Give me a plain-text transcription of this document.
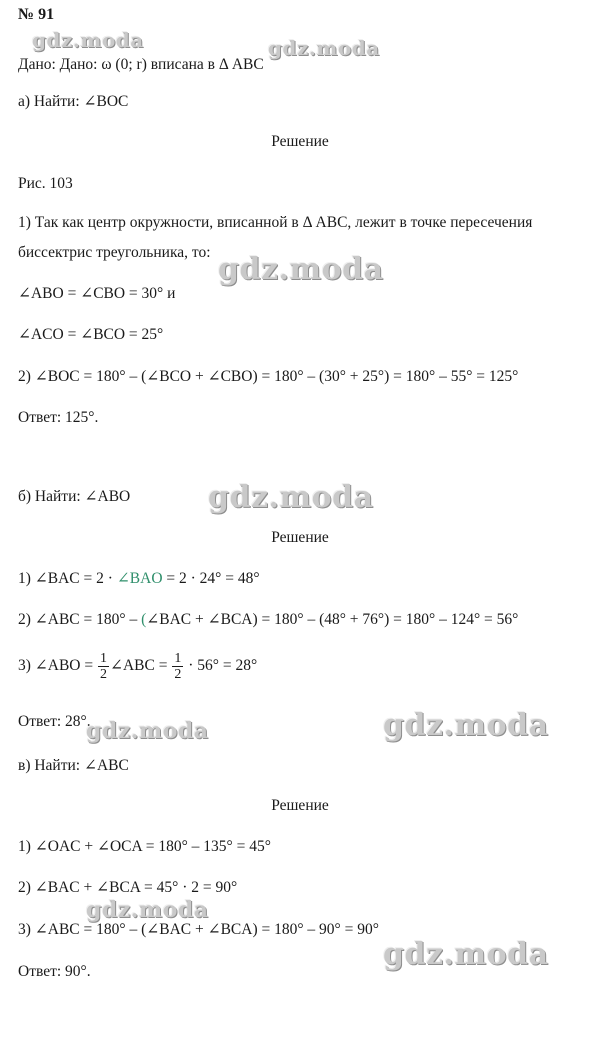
№ 91

Дано: Дано: ω (0; r) вписана в Δ ABC

а) Найти: ∠BOC

Решение

Рис. 103

1) Так как центр окружности, вписанной в Δ ABC, лежит в точке пересечения

биссектрис треугольника, то:

∠ABO = ∠CBO = 30° и

∠ACO = ∠BCO = 25°

2) ∠BOC = 180° – (∠BCO + ∠CBO) = 180° – (30° + 25°) = 180° – 55° = 125°

Ответ: 125°.

б) Найти: ∠ABO

Решение

1) ∠BAC = 2 · ∠BAO = 2 · 24° = 48°

2) ∠ABC = 180° – (∠BAC + ∠BCA) = 180° – (48° + 76°) = 180° – 124° = 56°

3) ∠ABO = $\frac{1}{2}$ ∠ABC = $\frac{1}{2} \cdot 56^\circ = 28^\circ$

Ответ: 28°.

в) Найти: ∠ABC

Решение

1) ∠OAC + ∠OCA = 180° – 135° = 45°

2) ∠BAC + ∠BCA = 45° · 2 = 90°

3) ∠ABC = 180° – (∠BAC + ∠BCA) = 180° – 90° = 90°

Ответ: 90°.

gdz.moda	gdz.moda
gdz.moda
gdz.moda
gdz.moda
gdz.moda
gdz.moda
gdz.moda
